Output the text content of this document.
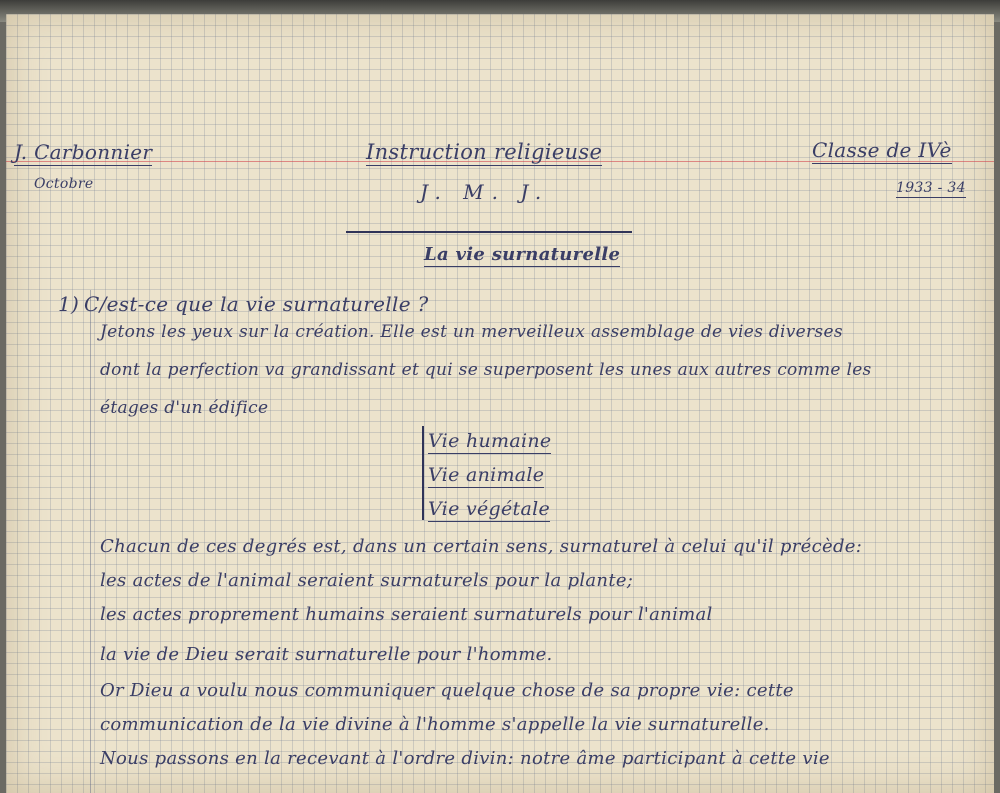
J. Carbonnier
Octobre
Instruction religieuse
J. M. J.
Classe de IVè
1933 - 34
La vie surnaturelle
1) C/est-ce que la vie surnaturelle ?
Jetons les yeux sur la création. Elle est un merveilleux assemblage de vies diverses
dont la perfection va grandissant et qui se superposent les unes aux autres comme les
étages d'un édifice
Vie humaine
Vie animale
Vie végétale
Chacun de ces degrés est, dans un certain sens, surnaturel à celui qu'il précède:
les actes de l'animal seraient surnaturels pour la plante;
les actes proprement humains seraient surnaturels pour l'animal
la vie de Dieu serait surnaturelle pour l'homme.
Or Dieu a voulu nous communiquer quelque chose de sa propre vie: cette
communication de la vie divine à l'homme s'appelle la vie surnaturelle.
Nous passons en la recevant à l'ordre divin: notre âme participant à cette vie
